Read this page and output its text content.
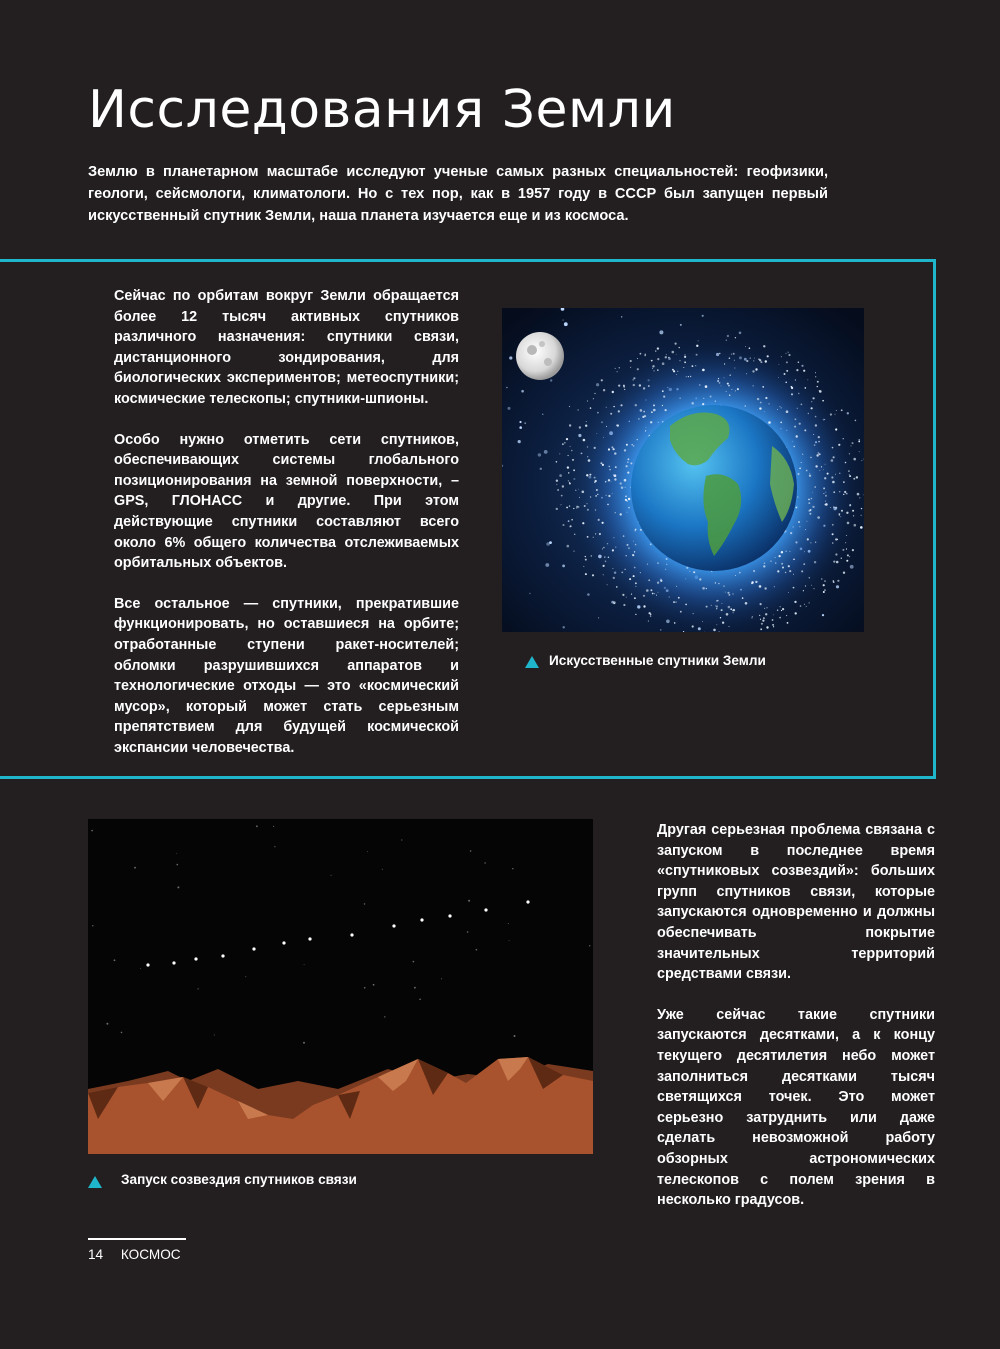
Исследования Земли

Землю в планетарном масштабе исследуют ученые самых разных специальностей: геофизики, геологи, сейсмологи, климатологи. Но с тех пор, как в 1957 году в СССР был запущен первый искусственный спутник Земли, наша планета изучается еще и из космоса.

Сейчас по орбитам вокруг Земли обращается более 12 тысяч активных спутников различного назначения: спутники связи, дистанционного зондирования, для биологических экспериментов; метеоспутники; космические телескопы; спутники-шпионы.

Особо нужно отметить сети спутников, обеспечивающих системы глобального позиционирования на земной поверхности, – GPS, ГЛОНАСС и другие. При этом действующие спутники составляют всего около 6% общего количества отслеживаемых орбитальных объектов.

Все остальное — спутники, прекратившие функционировать, но оставшиеся на орбите; отработанные ступени ракет-носителей; обломки разрушившихся аппаратов и технологические отходы — это «космический мусор», который может стать серьезным препятствием для будущей космической экспансии человечества.

Искусственные спутники Земли
Запуск созвездия спутников связи

Другая серьезная проблема связана с запуском в последнее время «спутниковых созвездий»: больших групп спутников связи, которые запускаются одновременно и должны обеспечивать покрытие значительных территорий средствами связи.

Уже сейчас такие спутники запускаются десятками, а к концу текущего десятилетия небо может заполниться десятками тысяч светящихся точек. Это может серьезно затруднить или даже сделать невозможной работу обзорных астрономических телескопов с полем зрения в несколько градусов.

14 КОСМОС
